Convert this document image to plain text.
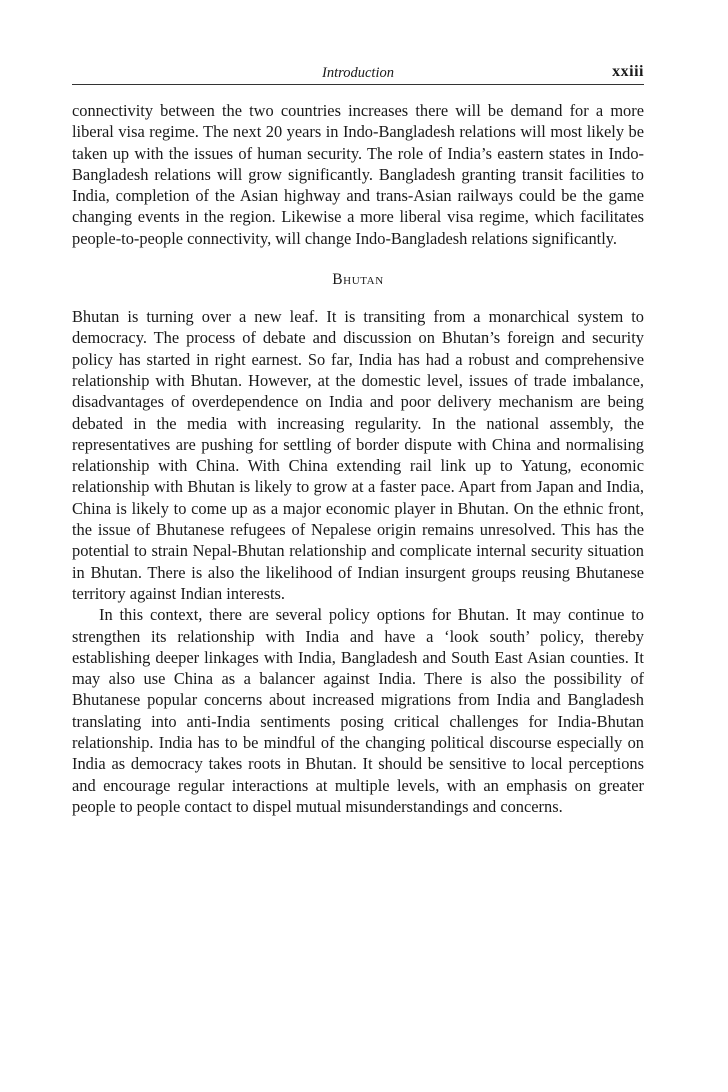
Introduction	xxiii

connectivity between the two countries increases there will be demand for a more liberal visa regime. The next 20 years in Indo-Bangladesh relations will most likely be taken up with the issues of human security. The role of India’s eastern states in Indo-Bangladesh relations will grow significantly. Bangladesh granting transit facilities to India, completion of the Asian highway and trans-Asian railways could be the game changing events in the region. Likewise a more liberal visa regime, which facilitates people-to-people connectivity, will change Indo-Bangladesh relations significantly.

Bhutan

Bhutan is turning over a new leaf. It is transiting from a monarchical system to democracy. The process of debate and discussion on Bhutan’s foreign and security policy has started in right earnest. So far, India has had a robust and comprehensive relationship with Bhutan. However, at the domestic level, issues of trade imbalance, disadvantages of overdependence on India and poor delivery mechanism are being debated in the media with increasing regularity. In the national assembly, the representatives are pushing for settling of border dispute with China and normalising relationship with China. With China extending rail link up to Yatung, economic relationship with Bhutan is likely to grow at a faster pace. Apart from Japan and India, China is likely to come up as a major economic player in Bhutan. On the ethnic front, the issue of Bhutanese refugees of Nepalese origin remains unresolved. This has the potential to strain Nepal-Bhutan relationship and complicate internal security situation in Bhutan. There is also the likelihood of Indian insurgent groups reusing Bhutanese territory against Indian interests.

In this context, there are several policy options for Bhutan. It may continue to strengthen its relationship with India and have a ‘look south’ policy, thereby establishing deeper linkages with India, Bangladesh and South East Asian counties. It may also use China as a balancer against India. There is also the possibility of Bhutanese popular concerns about increased migrations from India and Bangladesh translating into anti-India sentiments posing critical challenges for India-Bhutan relationship. India has to be mindful of the changing political discourse especially on India as democracy takes roots in Bhutan. It should be sensitive to local perceptions and encourage regular interactions at multiple levels, with an emphasis on greater people to people contact to dispel mutual misunderstandings and concerns.
